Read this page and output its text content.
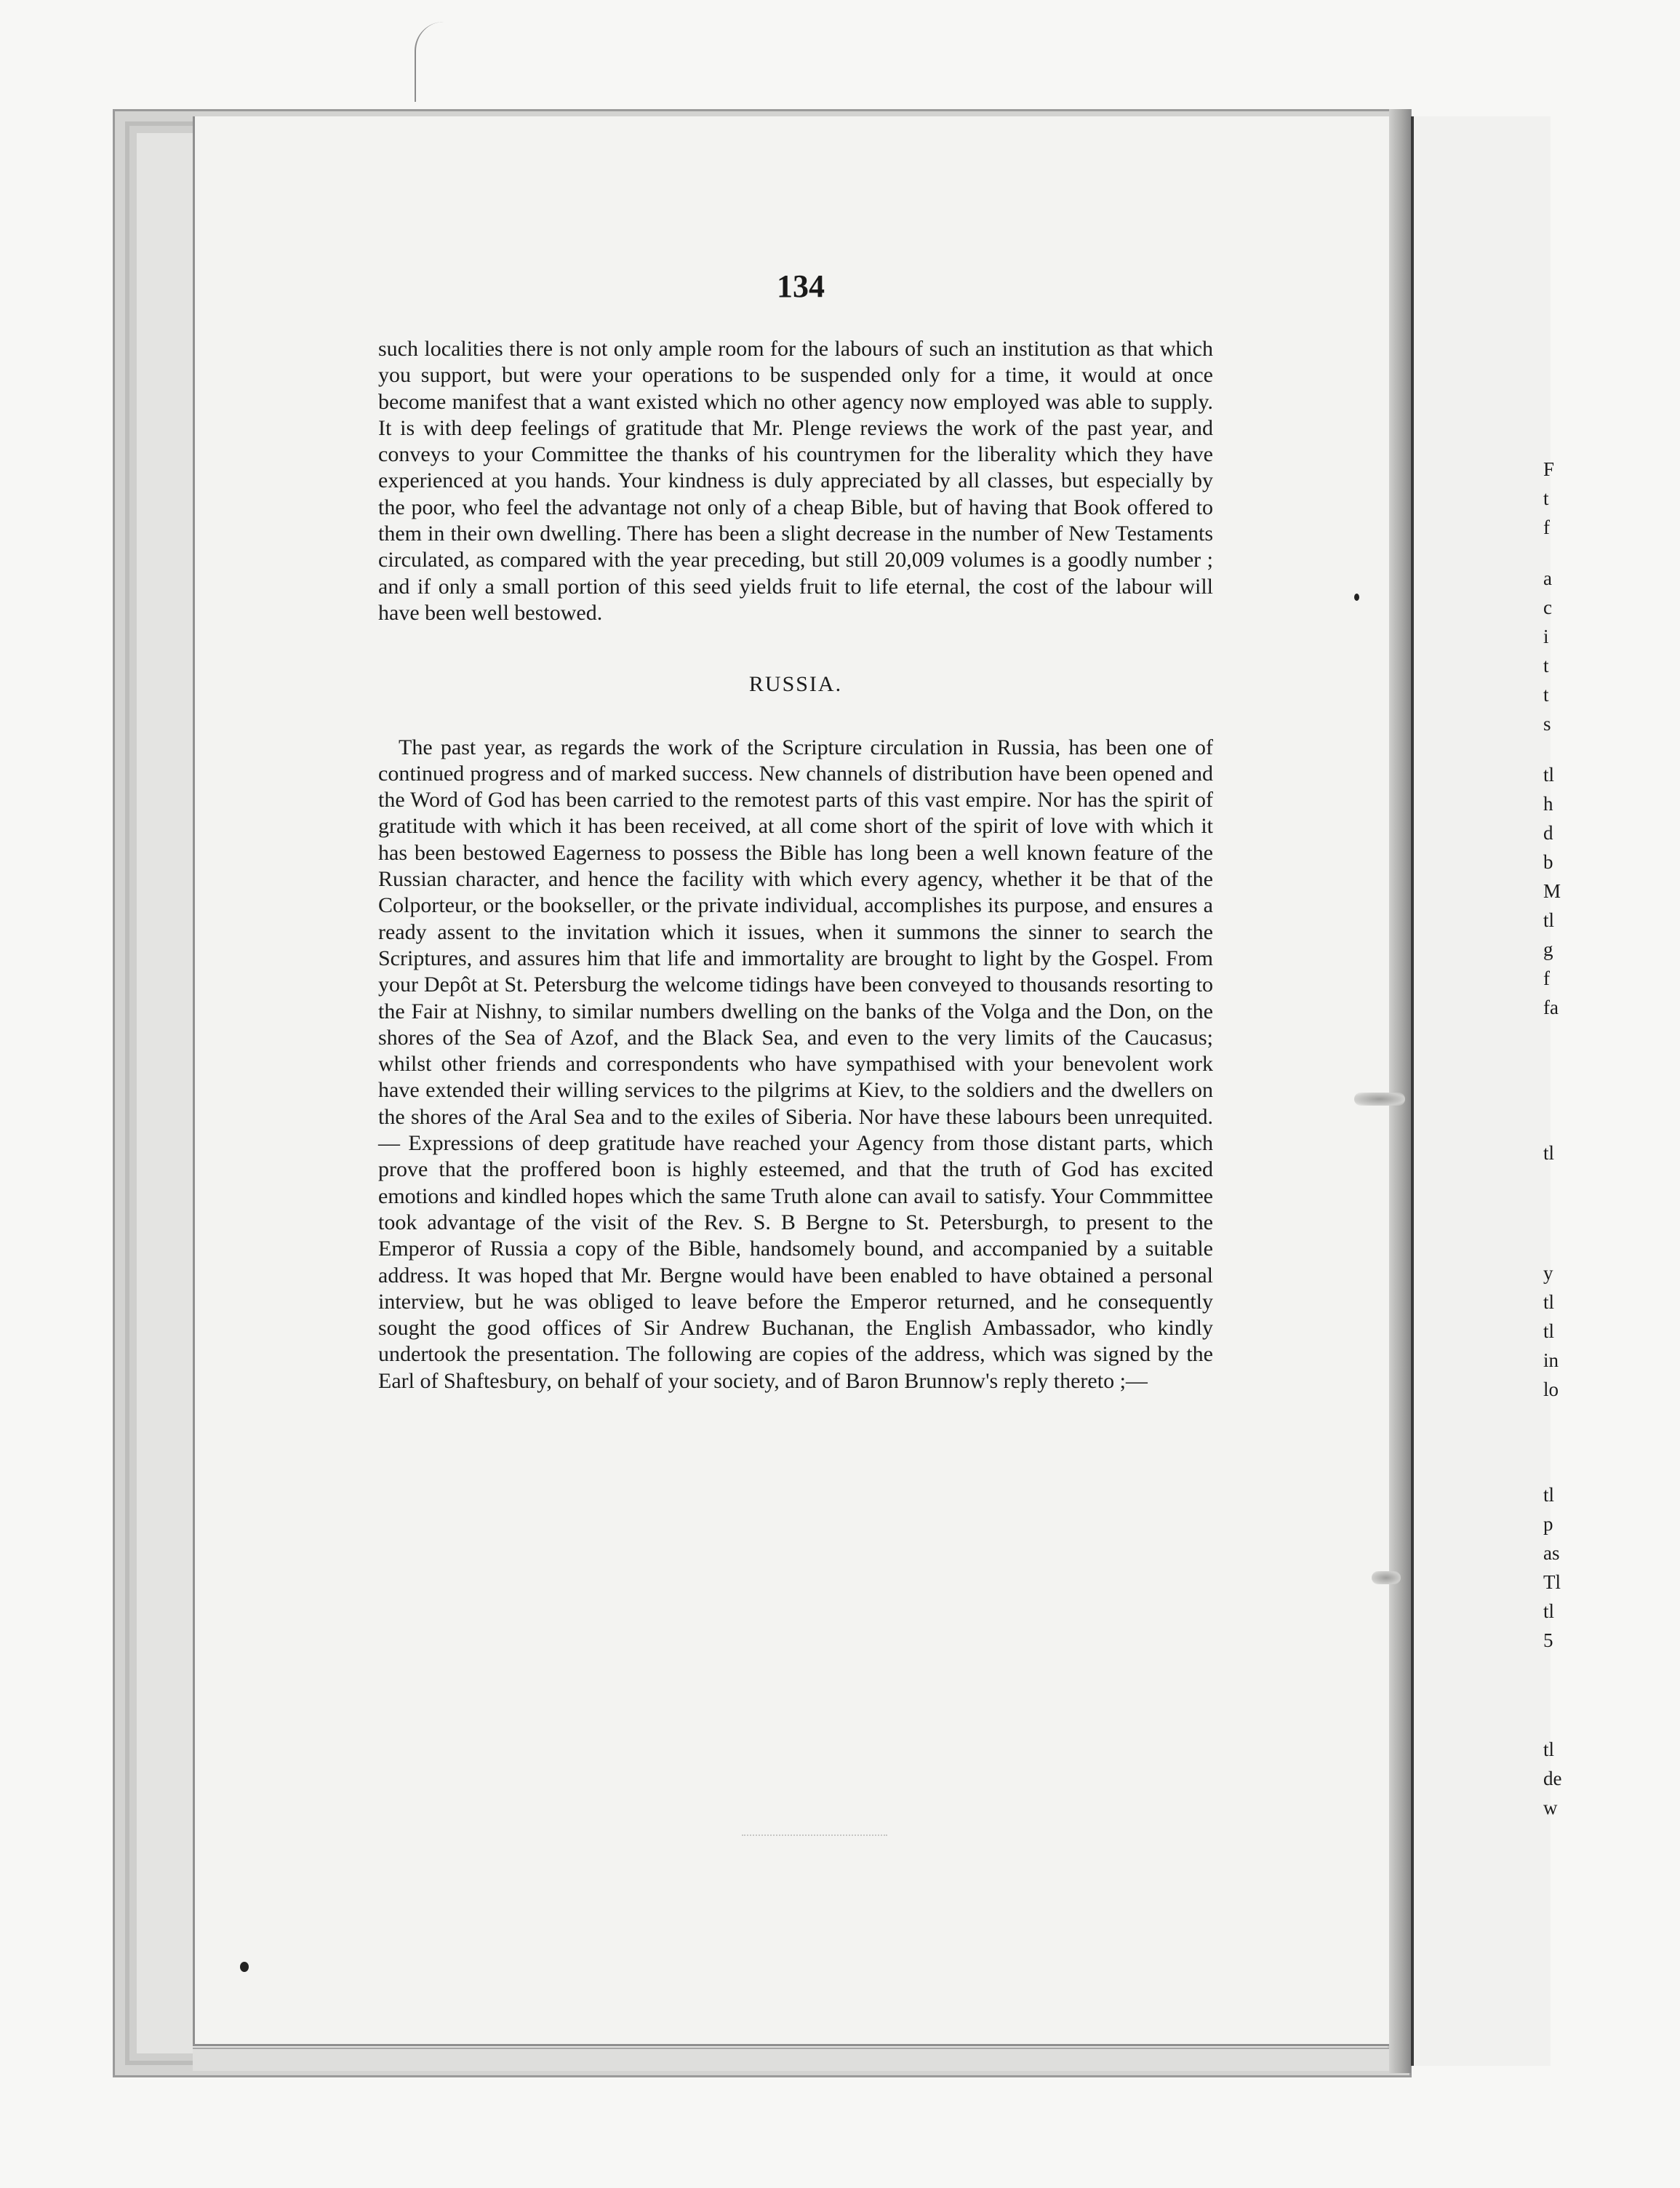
F
t
f
a
c
i
t
t
s
tl
h
d
b
M
tl
g
f
fa
tl
y
tl
tl
in
lo
tl
p
as
Tl
tl
5
tl
de
w
134

such localities there is not only ample room for the labours of such an institution as that which you support, but were your operations to be suspended only for a time, it would at once become manifest that a want existed which no other agency now employed was able to supply. It is with deep feelings of gratitude that Mr. Plenge reviews the work of the past year, and conveys to your Committee the thanks of his countrymen for the liberality which they have experienced at you hands. Your kindness is duly appreciated by all classes, but especially by the poor, who feel the advantage not only of a cheap Bible, but of having that Book offered to them in their own dwelling. There has been a slight decrease in the number of New Testaments circulated, as compared with the year preceding, but still 20,009 volumes is a goodly number ; and if only a small portion of this seed yields fruit to life eternal, the cost of the labour will have been well bestowed.

RUSSIA.

The past year, as regards the work of the Scripture circulation in Russia, has been one of continued progress and of marked success. New channels of distribution have been opened and the Word of God has been carried to the remotest parts of this vast empire. Nor has the spirit of gratitude with which it has been received, at all come short of the spirit of love with which it has been bestowed Eagerness to possess the Bible has long been a well known feature of the Russian character, and hence the facility with which every agency, whether it be that of the Colporteur, or the bookseller, or the private individual, accomplishes its purpose, and ensures a ready assent to the invitation which it issues, when it summons the sinner to search the Scriptures, and assures him that life and immortality are brought to light by the Gospel. From your Depôt at St. Petersburg the welcome tidings have been conveyed to thousands resorting to the Fair at Nishny, to similar numbers dwelling on the banks of the Volga and the Don, on the shores of the Sea of Azof, and the Black Sea, and even to the very limits of the Caucasus; whilst other friends and correspondents who have sympathised with your benevolent work have extended their willing services to the pilgrims at Kiev, to the soldiers and the dwellers on the shores of the Aral Sea and to the exiles of Siberia. Nor have these labours been unrequited.— Expressions of deep gratitude have reached your Agency from those distant parts, which prove that the proffered boon is highly esteemed, and that the truth of God has excited emotions and kindled hopes which the same Truth alone can avail to satisfy. Your Commmittee took advantage of the visit of the Rev. S. B Bergne to St. Petersburgh, to present to the Emperor of Russia a copy of the Bible, handsomely bound, and accompanied by a suitable address. It was hoped that Mr. Bergne would have been enabled to have obtained a personal interview, but he was obliged to leave before the Emperor returned, and he consequently sought the good offices of Sir Andrew Buchanan, the English Ambassador, who kindly undertook the presentation. The following are copies of the address, which was signed by the Earl of Shaftesbury, on behalf of your society, and of Baron Brunnow's reply thereto ;—
